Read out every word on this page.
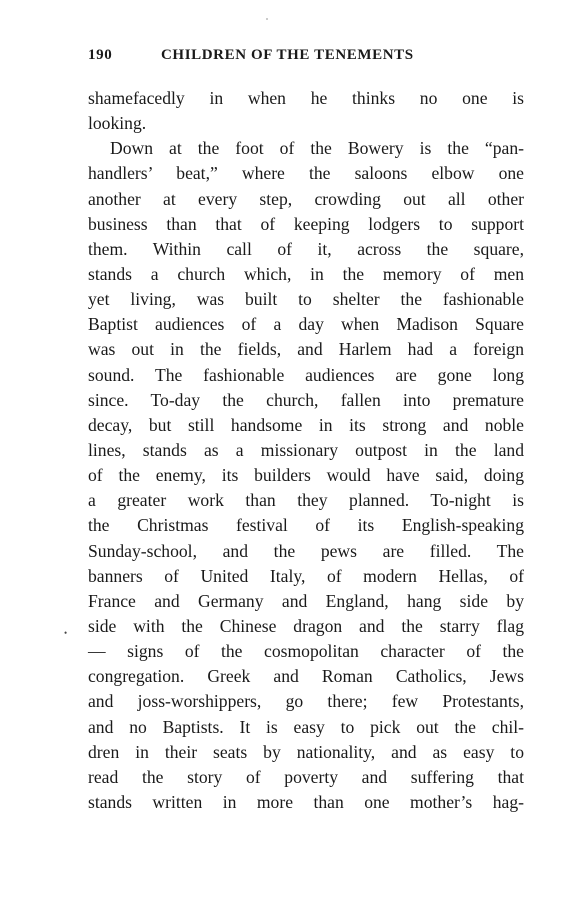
190	CHILDREN OF THE TENEMENTS
•
shamefacedly in when he thinks no one is
looking.
Down at the foot of the Bowery is the “pan-
handlers’ beat,” where the saloons elbow one
another at every step, crowding out all other
business than that of keeping lodgers to support
them. Within call of it, across the square,
stands a church which, in the memory of men
yet living, was built to shelter the fashionable
Baptist audiences of a day when Madison Square
was out in the fields, and Harlem had a foreign
sound. The fashionable audiences are gone long
since. To-day the church, fallen into premature
decay, but still handsome in its strong and noble
lines, stands as a missionary outpost in the land
of the enemy, its builders would have said, doing
a greater work than they planned. To-night is
the Christmas festival of its English-speaking
Sunday-school, and the pews are filled. The
banners of United Italy, of modern Hellas, of
France and Germany and England, hang side by
side with the Chinese dragon and the starry flag
— signs of the cosmopolitan character of the
congregation. Greek and Roman Catholics, Jews
and joss-worshippers, go there; few Protestants,
and no Baptists. It is easy to pick out the chil-
dren in their seats by nationality, and as easy to
read the story of poverty and suffering that
stands written in more than one mother’s hag-
